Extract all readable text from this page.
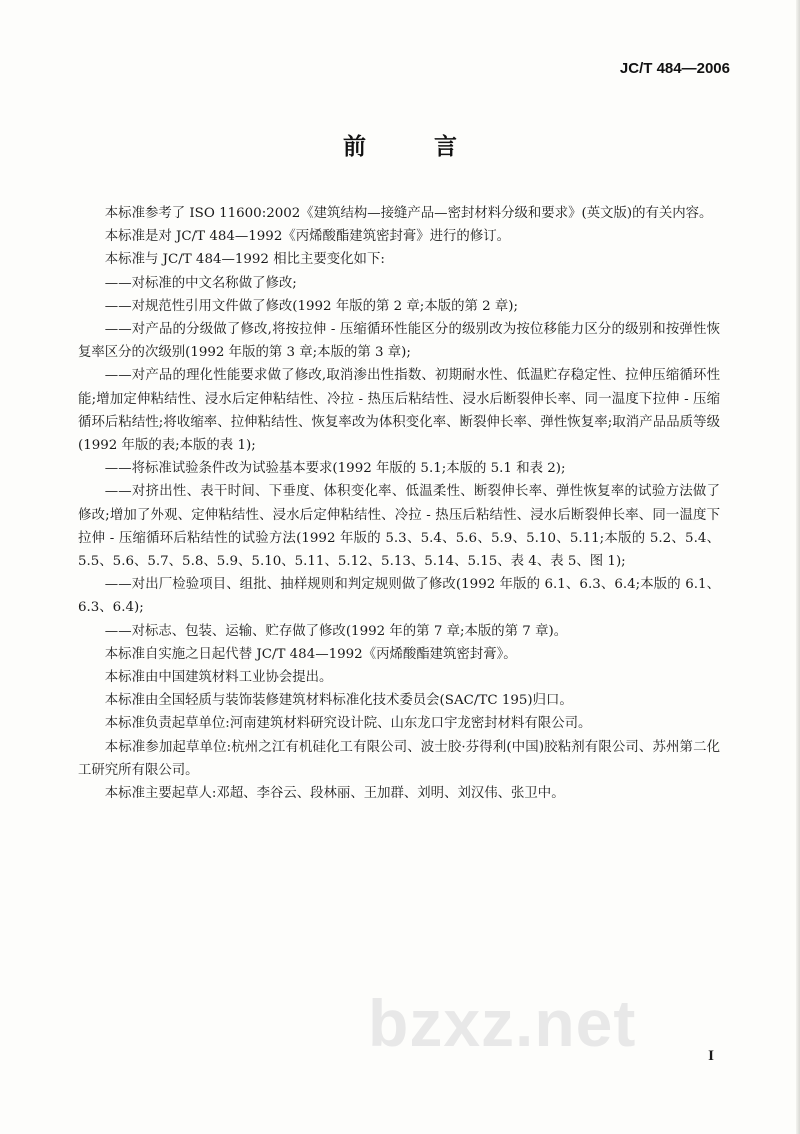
JC/T 484—2006
前 言

本标准参考了 ISO 11600:2002《建筑结构—接缝产品—密封材料分级和要求》(英文版)的有关内容。

本标准是对 JC/T 484—1992《丙烯酸酯建筑密封膏》进行的修订。

本标准与 JC/T 484—1992 相比主要变化如下:

——对标准的中文名称做了修改;

——对规范性引用文件做了修改(1992 年版的第 2 章;本版的第 2 章);

——对产品的分级做了修改,将按拉伸 - 压缩循环性能区分的级别改为按位移能力区分的级别和按弹性恢复率区分的次级别(1992 年版的第 3 章;本版的第 3 章);

——对产品的理化性能要求做了修改,取消渗出性指数、初期耐水性、低温贮存稳定性、拉伸压缩循环性能;增加定伸粘结性、浸水后定伸粘结性、冷拉 - 热压后粘结性、浸水后断裂伸长率、同一温度下拉伸 - 压缩循环后粘结性;将收缩率、拉伸粘结性、恢复率改为体积变化率、断裂伸长率、弹性恢复率;取消产品品质等级(1992 年版的表;本版的表 1);

——将标准试验条件改为试验基本要求(1992 年版的 5.1;本版的 5.1 和表 2);

——对挤出性、表干时间、下垂度、体积变化率、低温柔性、断裂伸长率、弹性恢复率的试验方法做了修改;增加了外观、定伸粘结性、浸水后定伸粘结性、冷拉 - 热压后粘结性、浸水后断裂伸长率、同一温度下拉伸 - 压缩循环后粘结性的试验方法(1992 年版的 5.3、5.4、5.6、5.9、5.10、5.11;本版的 5.2、5.4、5.5、5.6、5.7、5.8、5.9、5.10、5.11、5.12、5.13、5.14、5.15、表 4、表 5、图 1);

——对出厂检验项目、组批、抽样规则和判定规则做了修改(1992 年版的 6.1、6.3、6.4;本版的 6.1、6.3、6.4);

——对标志、包装、运输、贮存做了修改(1992 年的第 7 章;本版的第 7 章)。

本标准自实施之日起代替 JC/T 484—1992《丙烯酸酯建筑密封膏》。

本标准由中国建筑材料工业协会提出。

本标准由全国轻质与装饰装修建筑材料标准化技术委员会(SAC/TC 195)归口。

本标准负责起草单位:河南建筑材料研究设计院、山东龙口宇龙密封材料有限公司。

本标准参加起草单位:杭州之江有机硅化工有限公司、波士胶·芬得利(中国)胶粘剂有限公司、苏州第二化工研究所有限公司。

本标准主要起草人:邓超、李谷云、段林丽、王加群、刘明、刘汉伟、张卫中。

bzxz.net	I
